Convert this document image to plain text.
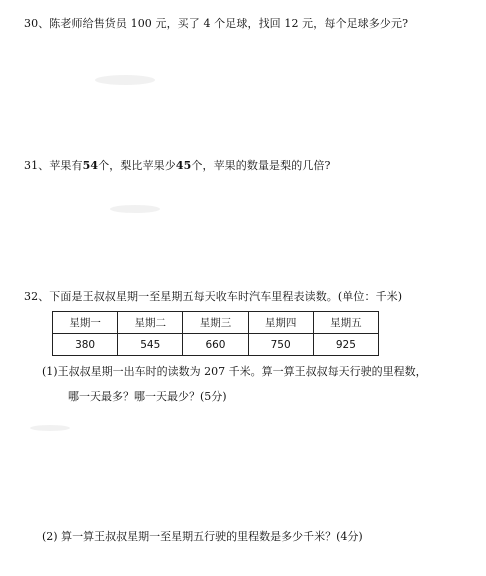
30、陈老师给售货员 100 元，买了 4 个足球，找回 12 元，每个足球多少元?
31、苹果有54个，梨比苹果少45个，苹果的数量是梨的几倍?
32、下面是王叔叔星期一至星期五每天收车时汽车里程表读数。(单位：千米)
星期一	星期二	星期三	星期四	星期五
380	545	660	750	925
(1)王叔叔星期一出车时的读数为 207 千米。算一算王叔叔每天行驶的里程数，
哪一天最多？哪一天最少？(5分)
(2) 算一算王叔叔星期一至星期五行驶的里程数是多少千米？(4分)
